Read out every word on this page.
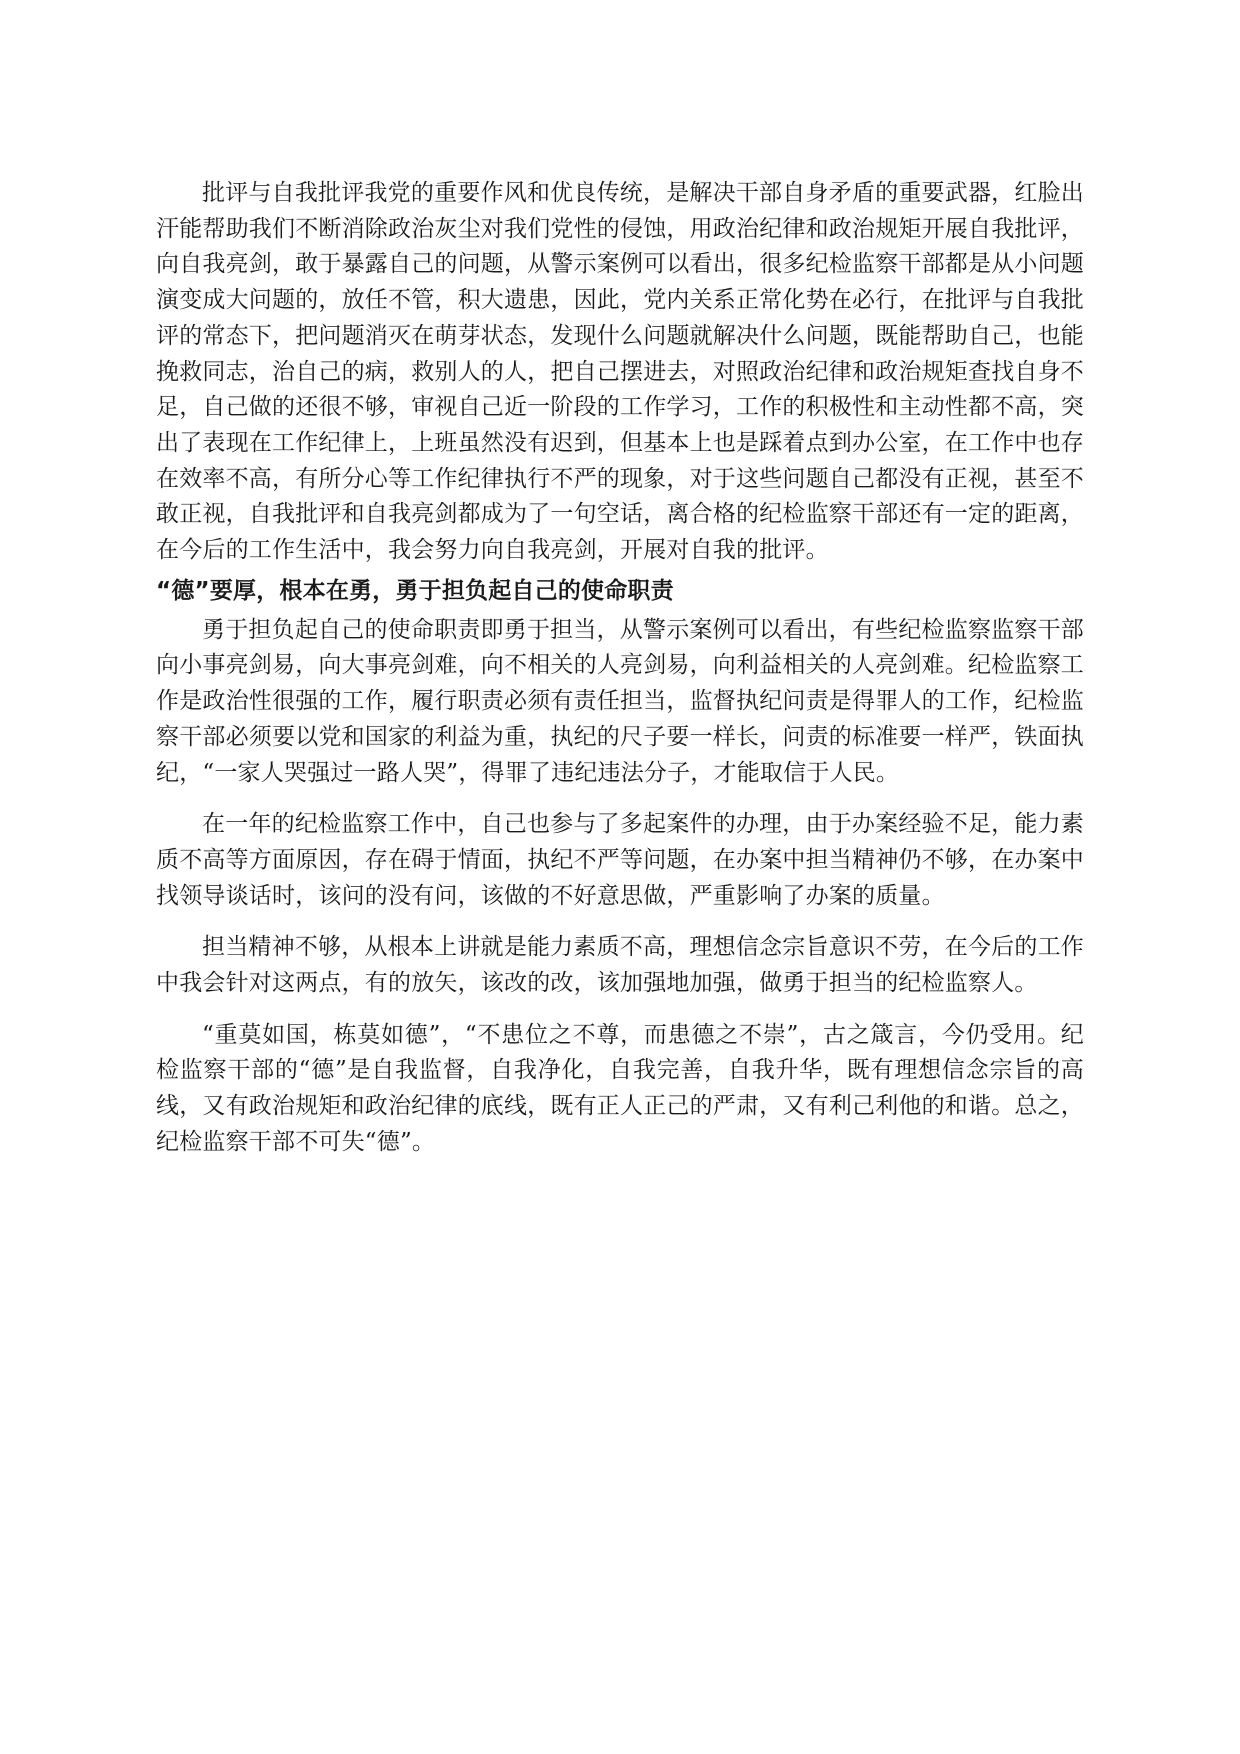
批评与自我批评我党的重要作风和优良传统，是解决干部自身矛盾的重要武器，红脸出汗能帮助我们不断消除政治灰尘对我们党性的侵蚀，用政治纪律和政治规矩开展自我批评，向自我亮剑，敢于暴露自己的问题，从警示案例可以看出，很多纪检监察干部都是从小问题演变成大问题的，放任不管，积大遗患，因此，党内关系正常化势在必行，在批评与自我批评的常态下，把问题消灭在萌芽状态，发现什么问题就解决什么问题，既能帮助自己，也能挽救同志，治自己的病，救别人的人，把自己摆进去，对照政治纪律和政治规矩查找自身不足，自己做的还很不够，审视自己近一阶段的工作学习，工作的积极性和主动性都不高，突出了表现在工作纪律上，上班虽然没有迟到，但基本上也是踩着点到办公室，在工作中也存在效率不高，有所分心等工作纪律执行不严的现象，对于这些问题自己都没有正视，甚至不敢正视，自我批评和自我亮剑都成为了一句空话，离合格的纪检监察干部还有一定的距离，在今后的工作生活中，我会努力向自我亮剑，开展对自我的批评。

“德”要厚，根本在勇，勇于担负起自己的使命职责

勇于担负起自己的使命职责即勇于担当，从警示案例可以看出，有些纪检监察监察干部向小事亮剑易，向大事亮剑难，向不相关的人亮剑易，向利益相关的人亮剑难。纪检监察工作是政治性很强的工作，履行职责必须有责任担当，监督执纪问责是得罪人的工作，纪检监察干部必须要以党和国家的利益为重，执纪的尺子要一样长，问责的标准要一样严，铁面执纪，“一家人哭强过一路人哭”，得罪了违纪违法分子，才能取信于人民。

在一年的纪检监察工作中，自己也参与了多起案件的办理，由于办案经验不足，能力素质不高等方面原因，存在碍于情面，执纪不严等问题，在办案中担当精神仍不够，在办案中找领导谈话时，该问的没有问，该做的不好意思做，严重影响了办案的质量。

担当精神不够，从根本上讲就是能力素质不高，理想信念宗旨意识不劳，在今后的工作中我会针对这两点，有的放矢，该改的改，该加强地加强，做勇于担当的纪检监察人。

“重莫如国，栋莫如德”，“不患位之不尊，而患德之不崇”，古之箴言，今仍受用。纪检监察干部的“德”是自我监督，自我净化，自我完善，自我升华，既有理想信念宗旨的高线，又有政治规矩和政治纪律的底线，既有正人正己的严肃，又有利己利他的和谐。总之，纪检监察干部不可失“德”。
